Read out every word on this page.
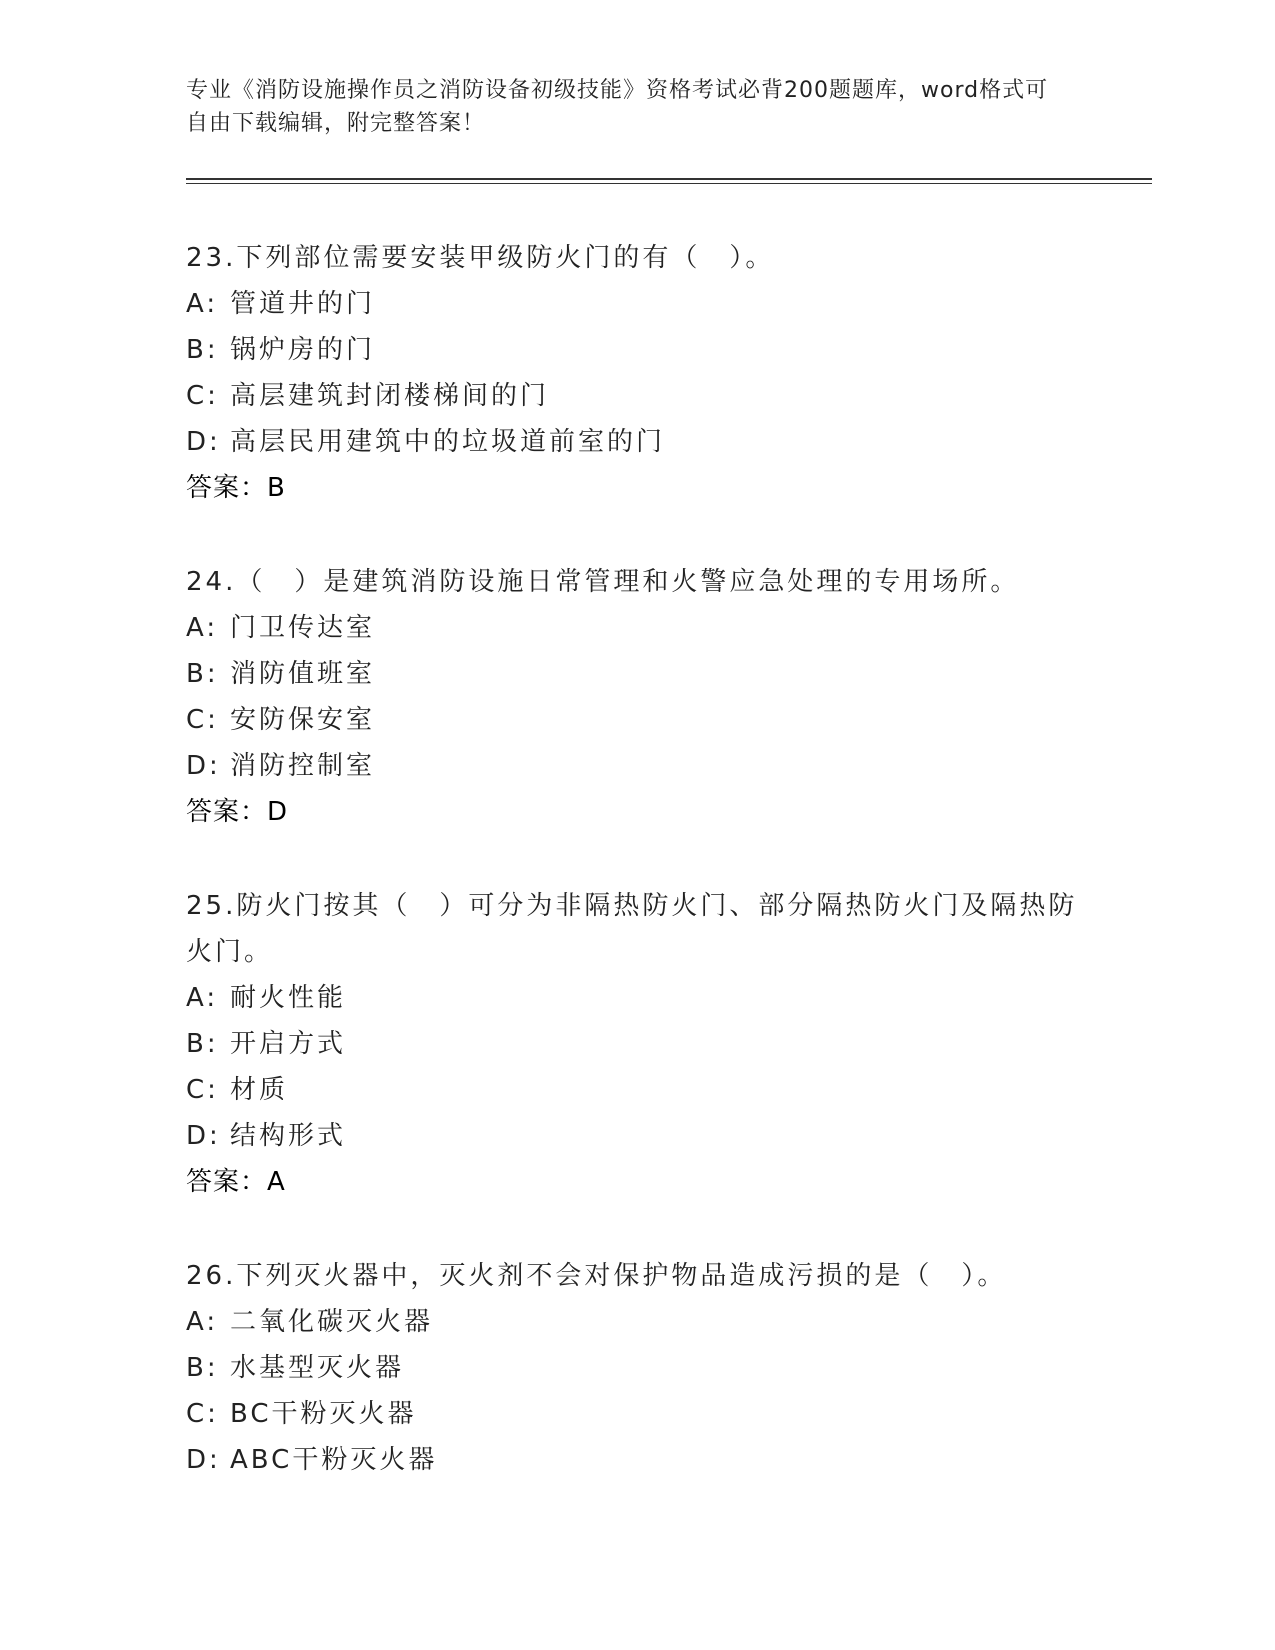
专业《消防设施操作员之消防设备初级技能》资格考试必背200题题库，word格式可自由下载编辑，附完整答案！
23.下列部位需要安装甲级防火门的有（　）。
A: 管道井的门
B: 锅炉房的门
C: 高层建筑封闭楼梯间的门
D: 高层民用建筑中的垃圾道前室的门
答案：B
24.（　）是建筑消防设施日常管理和火警应急处理的专用场所。
A: 门卫传达室
B: 消防值班室
C: 安防保安室
D: 消防控制室
答案：D
25.防火门按其（　）可分为非隔热防火门、部分隔热防火门及隔热防火门。
A: 耐火性能
B: 开启方式
C: 材质
D: 结构形式
答案：A
26.下列灭火器中，灭火剂不会对保护物品造成污损的是（　）。
A: 二氧化碳灭火器
B: 水基型灭火器
C: BC干粉灭火器
D: ABC干粉灭火器
